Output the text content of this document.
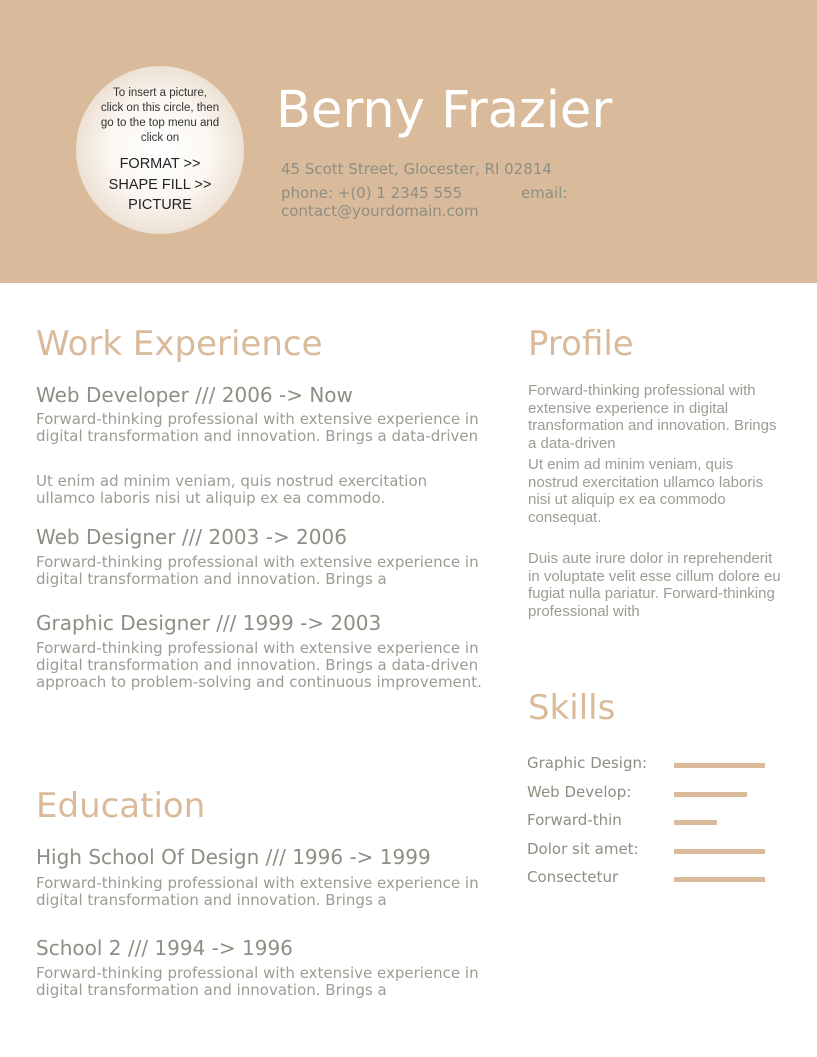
To insert a picture,
click on this circle, then
go to the top menu and
click on
FORMAT >>
SHAPE FILL >>
PICTURE
Berny Frazier
45 Scott Street, Glocester, RI 02814
phone: +(0) 1 2345 555	email:
contact@yourdomain.com
Work Experience
Web Developer /// 2006 -> Now
Forward-thinking professional with extensive experience in digital transformation and innovation. Brings a data-driven
Ut enim ad minim veniam, quis nostrud exercitation ullamco laboris nisi ut aliquip ex ea commodo.
Web Designer /// 2003 -> 2006
Forward-thinking professional with extensive experience in digital transformation and innovation. Brings a
Graphic Designer /// 1999 -> 2003
Forward-thinking professional with extensive experience in digital transformation and innovation. Brings a data-driven approach to problem-solving and continuous improvement.
Education
High School Of Design /// 1996 -> 1999
Forward-thinking professional with extensive experience in digital transformation and innovation. Brings a
School 2 /// 1994 -> 1996
Forward-thinking professional with extensive experience in digital transformation and innovation. Brings a
Profile
Forward-thinking professional with extensive experience in digital transformation and innovation. Brings a data-driven
Ut enim ad minim veniam, quis nostrud exercitation ullamco laboris nisi ut aliquip ex ea commodo consequat.
Duis aute irure dolor in reprehenderit in voluptate velit esse cillum dolore eu fugiat nulla pariatur. Forward-thinking professional with
Skills
Graphic Design:
Web Develop:
Forward-thin
Dolor sit amet:
Consectetur
